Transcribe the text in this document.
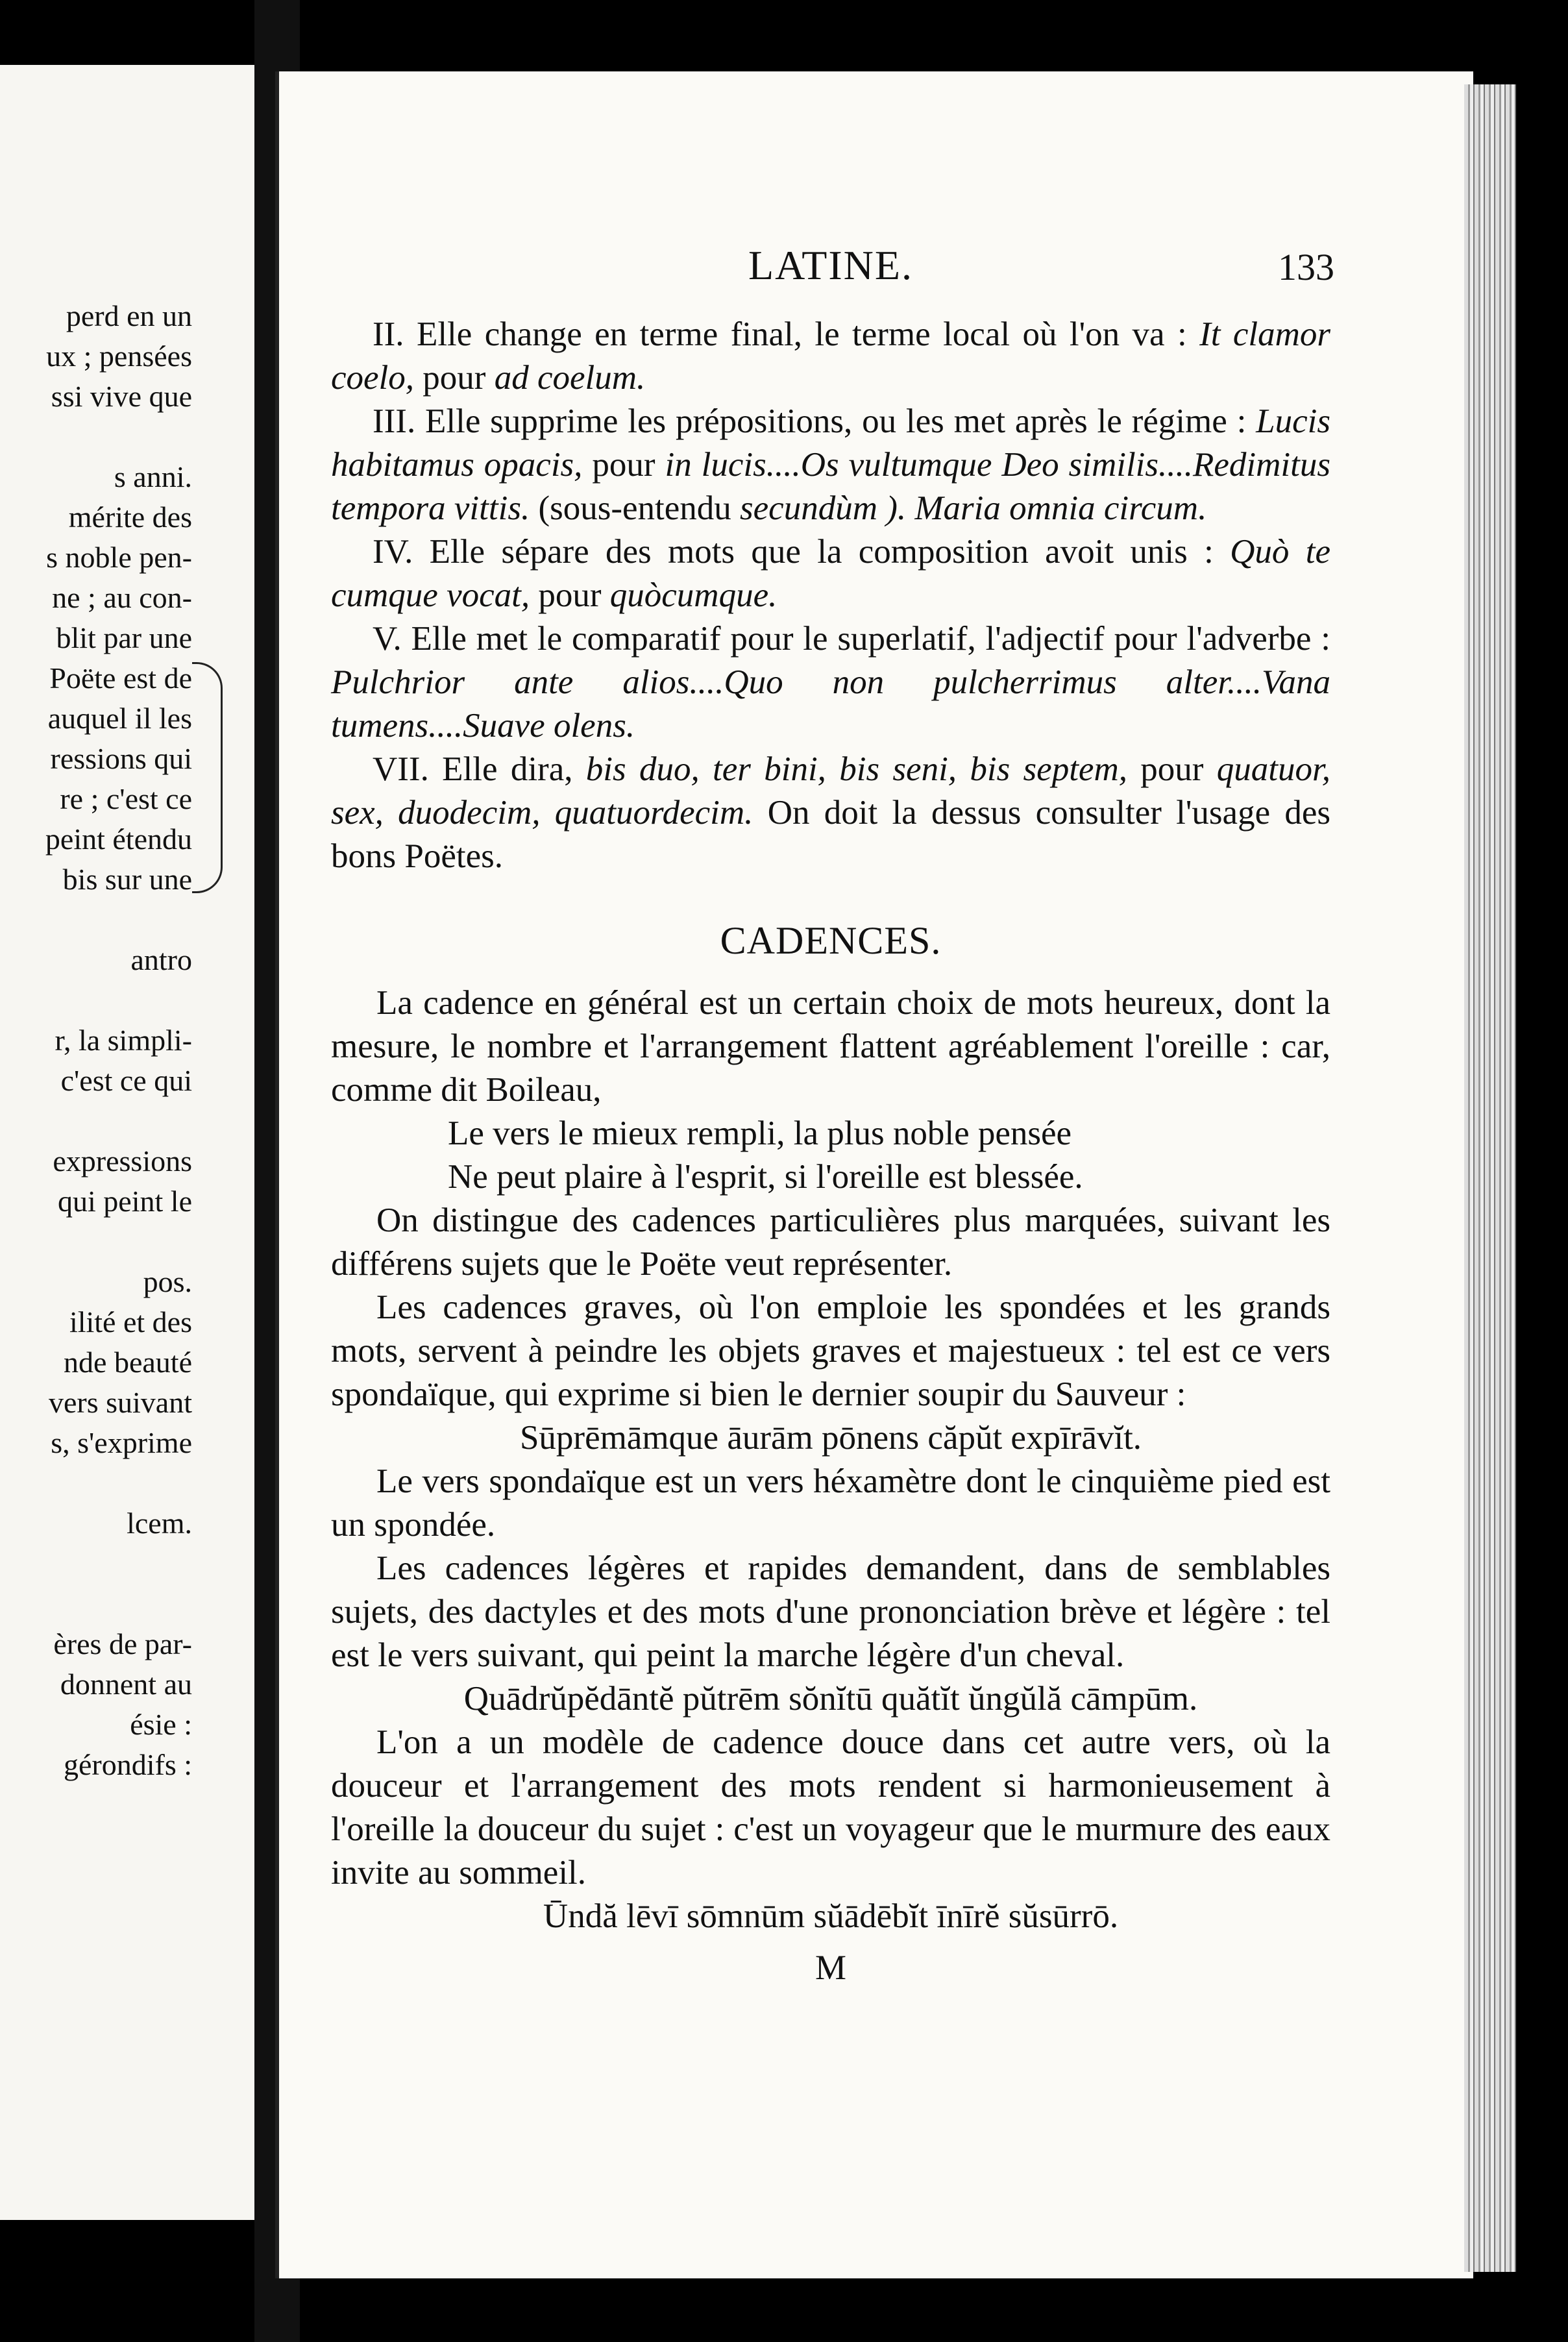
perd en un
ux ; pensées
ssi vive que
s anni.
mérite des
s noble pen-
ne ; au con-
blit par une
Poëte est de
auquel il les
ressions qui
re ; c'est ce
peint étendu
bis sur une
antro
r, la simpli-
c'est ce qui
expressions
qui peint le
pos.
ilité et des
nde beauté
vers suivant
s, s'exprime
lcem.
ères de par-
donnent au
ésie :
gérondifs :
LATINE.	133

II. Elle change en terme final, le terme local où l'on va : It clamor coelo, pour ad coelum.

III. Elle supprime les prépositions, ou les met après le régime : Lucis habitamus opacis, pour in lucis....Os vultumque Deo similis....Redimitus tempora vittis. (sous-entendu secundùm ). Maria omnia circum.

IV. Elle sépare des mots que la composition avoit unis : Quò te cumque vocat, pour quòcumque.

V. Elle met le comparatif pour le superlatif, l'adjectif pour l'adverbe : Pulchrior ante alios....Quo non pulcherrimus alter....Vana tumens....Suave olens.

VII. Elle dira, bis duo, ter bini, bis seni, bis septem, pour quatuor, sex, duodecim, quatuordecim. On doit la dessus consulter l'usage des bons Poëtes.

CADENCES.

La cadence en général est un certain choix de mots heureux, dont la mesure, le nombre et l'arrangement flattent agréablement l'oreille : car, comme dit Boileau,

Le vers le mieux rempli, la plus noble pensée
Ne peut plaire à l'esprit, si l'oreille est blessée.

On distingue des cadences particulières plus marquées, suivant les différens sujets que le Poëte veut représenter.

Les cadences graves, où l'on emploie les spondées et les grands mots, servent à peindre les objets graves et majestueux : tel est ce vers spondaïque, qui exprime si bien le dernier soupir du Sauveur :

Sūprēmāmque āurām pōnens căpŭt expīrāvĭt.

Le vers spondaïque est un vers héxamètre dont le cinquième pied est un spondée.

Les cadences légères et rapides demandent, dans de semblables sujets, des dactyles et des mots d'une prononciation brève et légère : tel est le vers suivant, qui peint la marche légère d'un cheval.

Quādrŭpĕdāntĕ pŭtrēm sŏnĭtū quătĭt ŭngŭlă cāmpūm.

L'on a un modèle de cadence douce dans cet autre vers, où la douceur et l'arrangement des mots rendent si harmonieusement à l'oreille la douceur du sujet : c'est un voyageur que le murmure des eaux invite au sommeil.

Ūndă lēvī sōmnūm sŭādēbĭt īnīrĕ sŭsūrrō.
M
